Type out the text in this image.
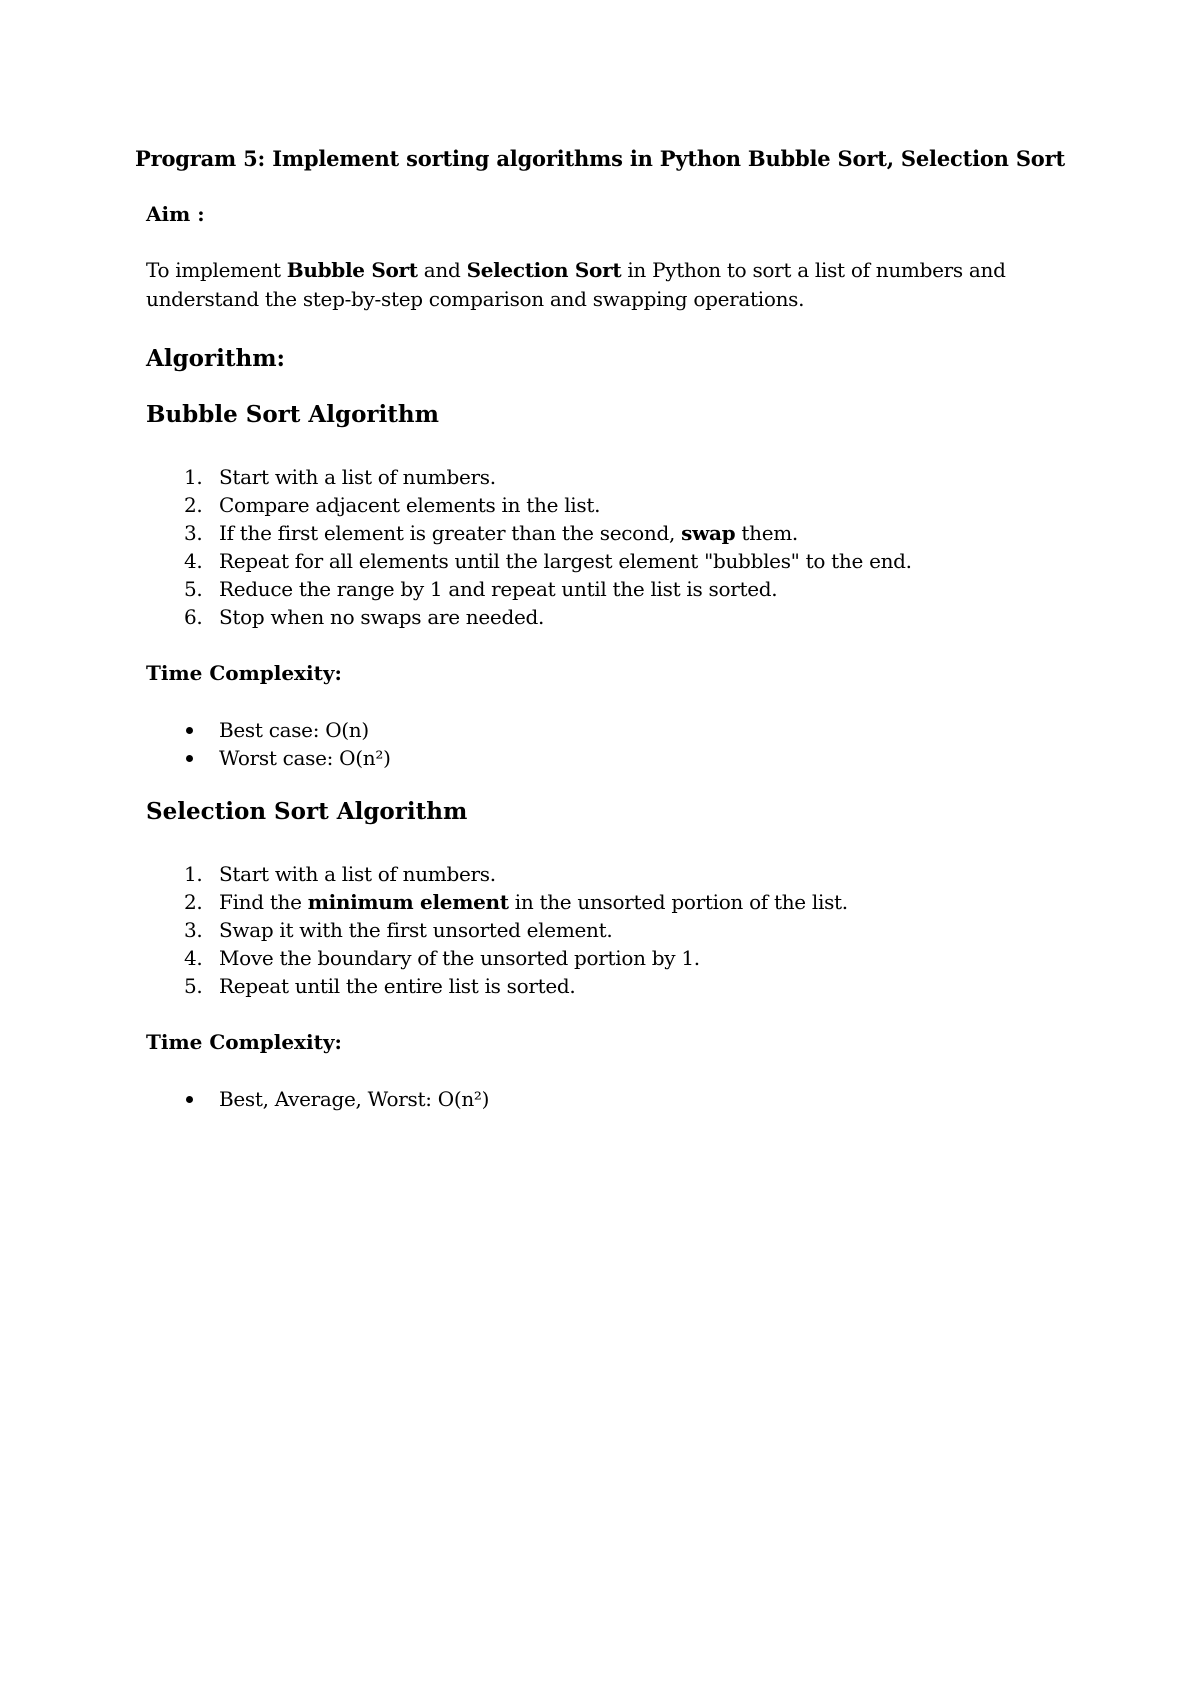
Program 5: Implement sorting algorithms in Python Bubble Sort, Selection Sort
Aim :
To implement Bubble Sort and Selection Sort in Python to sort a list of numbers and
understand the step-by-step comparison and swapping operations.
Algorithm:
Bubble Sort Algorithm
1. Start with a list of numbers.
2. Compare adjacent elements in the list.
3. If the first element is greater than the second, swap them.
4. Repeat for all elements until the largest element "bubbles" to the end.
5. Reduce the range by 1 and repeat until the list is sorted.
6. Stop when no swaps are needed.
Time Complexity:
Best case: O(n)
Worst case: O(n²)
Selection Sort Algorithm
1. Start with a list of numbers.
2. Find the minimum element in the unsorted portion of the list.
3. Swap it with the first unsorted element.
4. Move the boundary of the unsorted portion by 1.
5. Repeat until the entire list is sorted.
Time Complexity:
Best, Average, Worst: O(n²)
